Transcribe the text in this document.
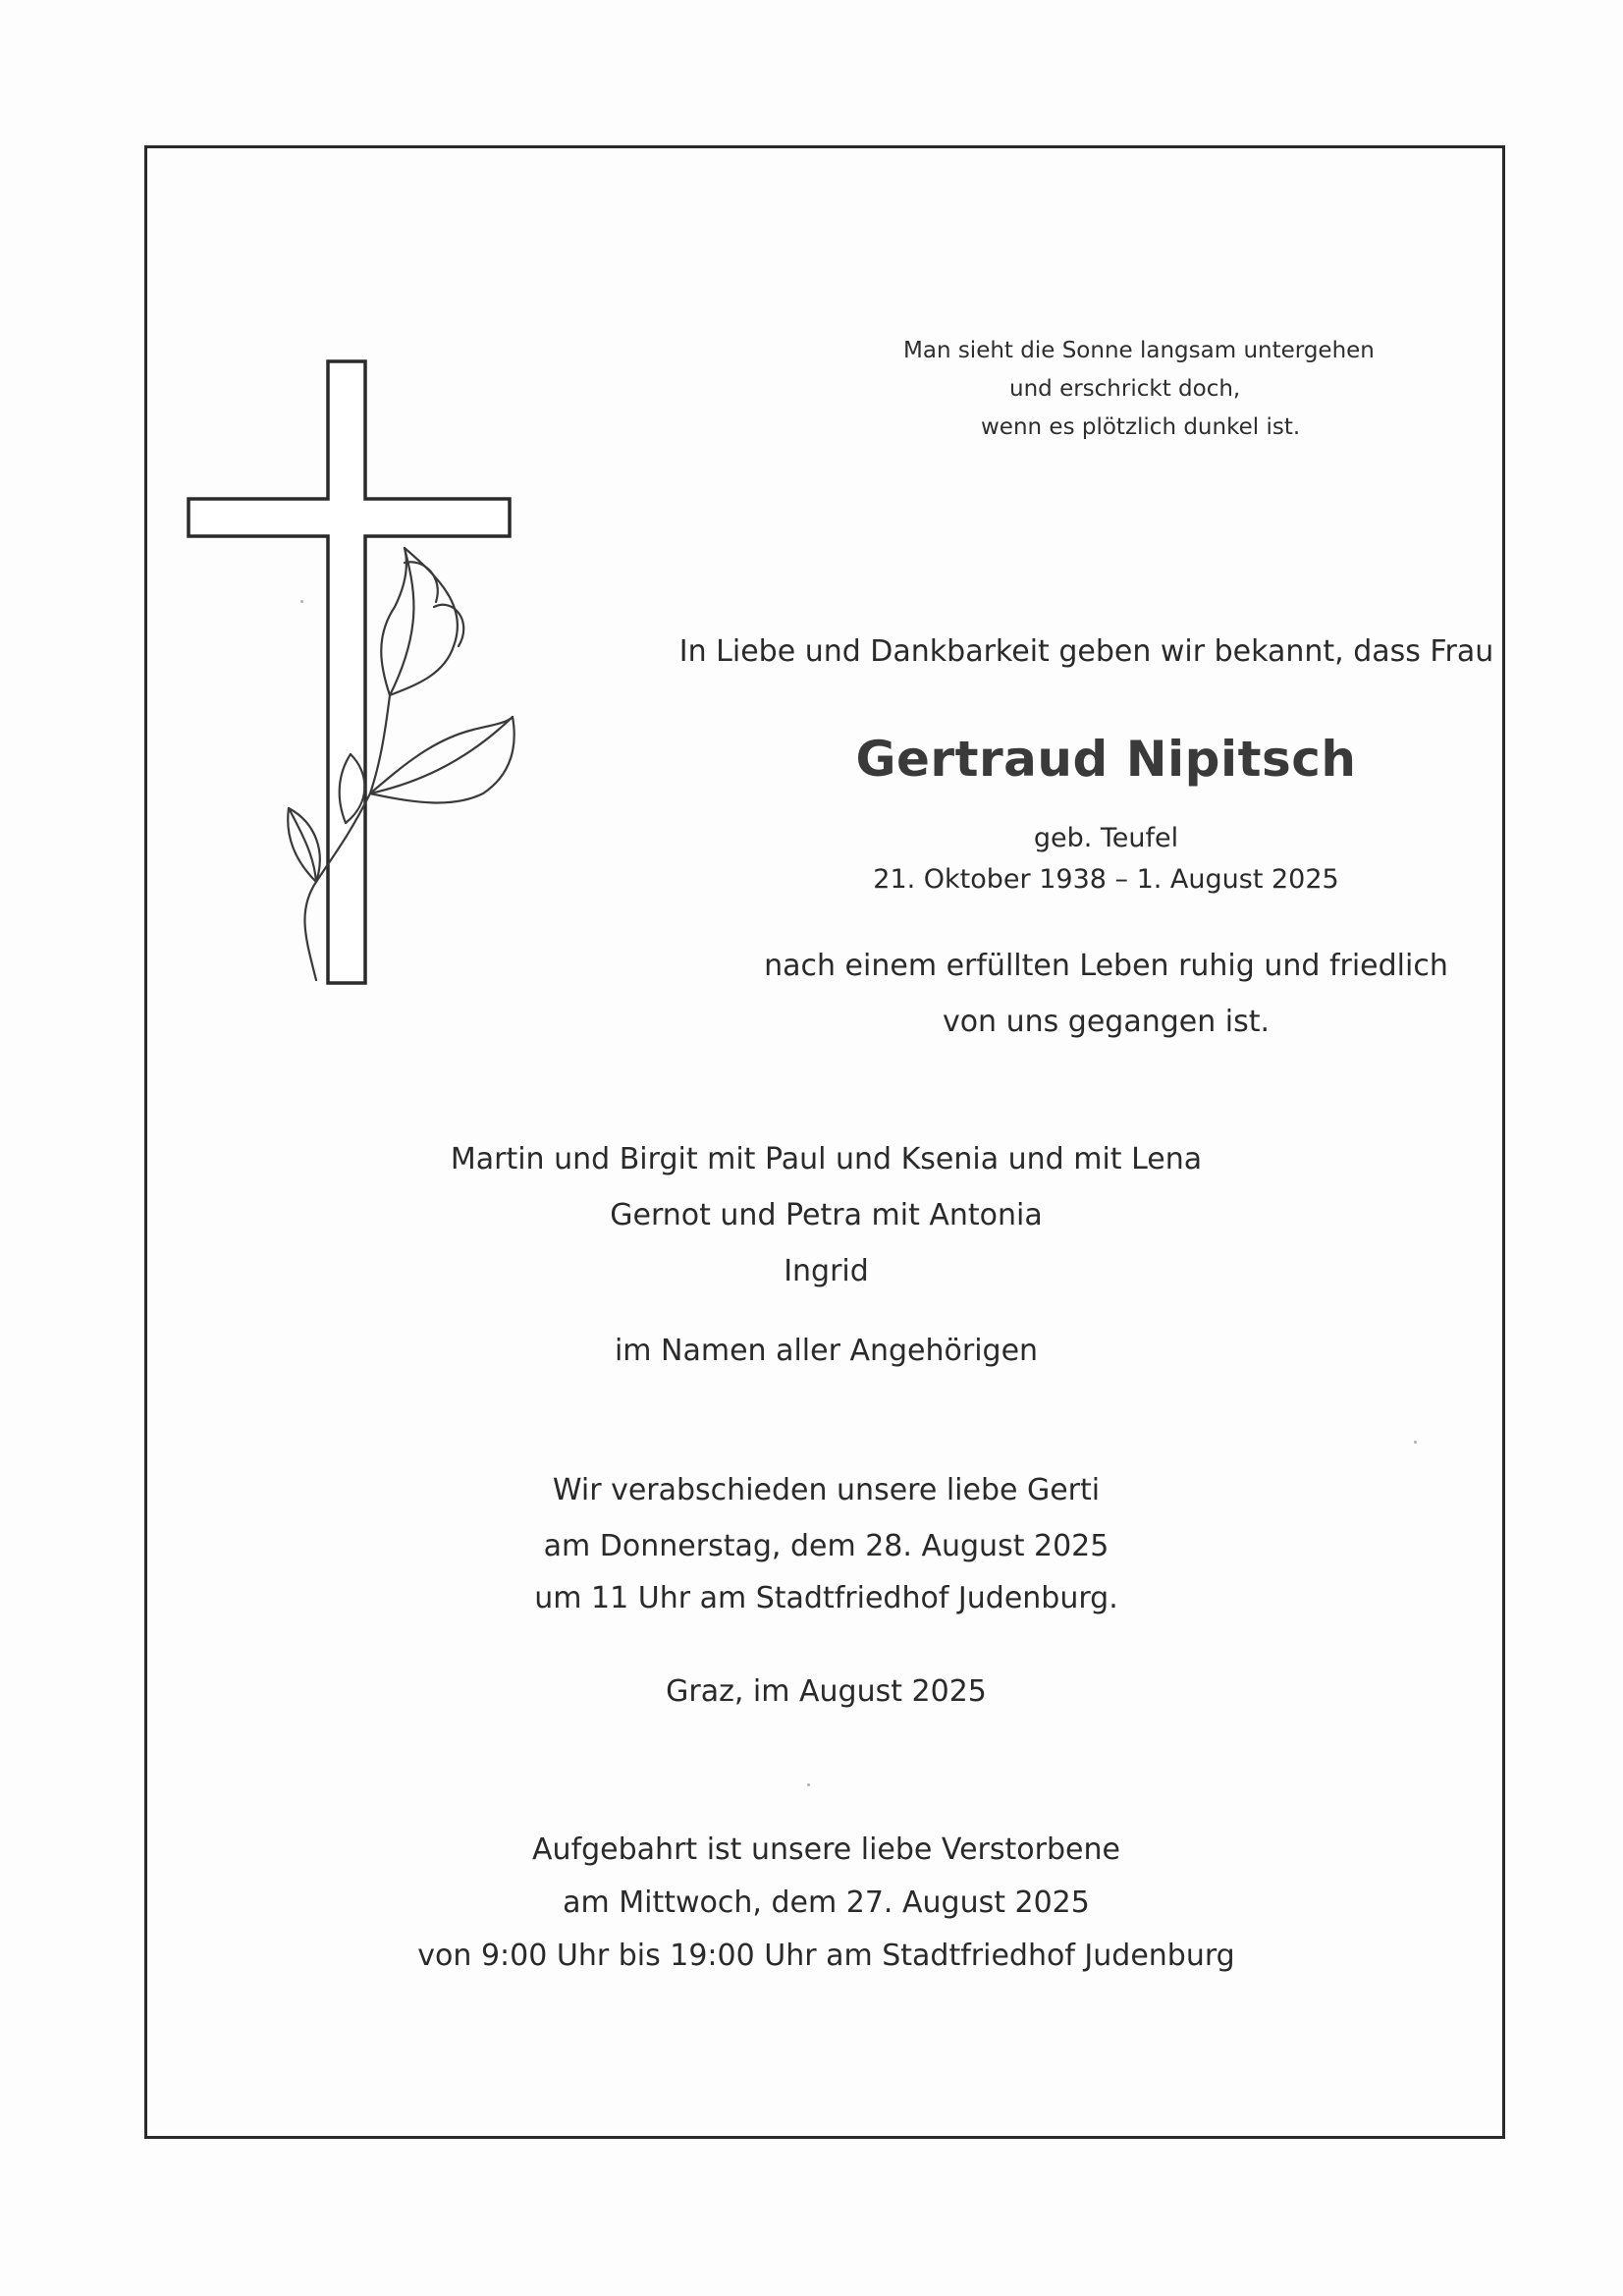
Man sieht die Sonne langsam untergehen
und erschrickt doch,
wenn es plötzlich dunkel ist.
In Liebe und Dankbarkeit geben wir bekannt, dass Frau
Gertraud Nipitsch
geb. Teufel
21. Oktober 1938 – 1. August 2025
nach einem erfüllten Leben ruhig und friedlich
von uns gegangen ist.
Martin und Birgit mit Paul und Ksenia und mit Lena
Gernot und Petra mit Antonia
Ingrid
im Namen aller Angehörigen
Wir verabschieden unsere liebe Gerti
am Donnerstag, dem 28. August 2025
um 11 Uhr am Stadtfriedhof Judenburg.
Graz, im August 2025
Aufgebahrt ist unsere liebe Verstorbene
am Mittwoch, dem 27. August 2025
von 9:00 Uhr bis 19:00 Uhr am Stadtfriedhof Judenburg
